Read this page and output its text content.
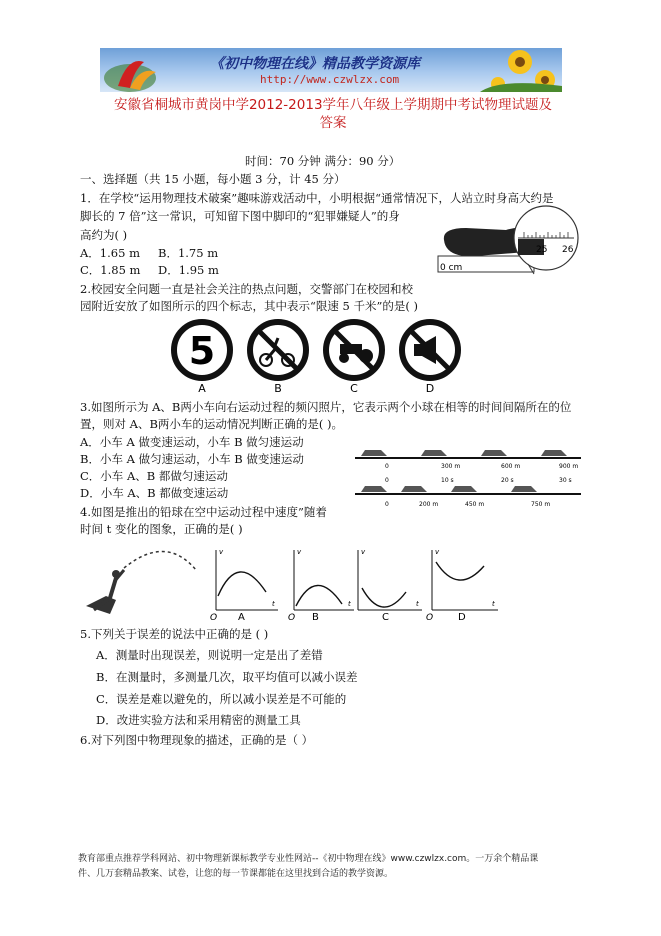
《初中物理在线》精品教学资源库
http://www.czwlzx.com
安徽省桐城市黄岗中学2012-2013学年八年级上学期期中考试物理试题及
答案
时间：70 分钟 满分：90 分）
一、选择题（共 15 小题，每小题 3 分，计 45 分）
1．在学校“运用物理技术破案”趣味游戏活动中，小明根据“通常情况下，人站立时身高大约是
脚长的 7 倍”这一常识，可知留下图中脚印的“犯罪嫌疑人”的身
高约为( )
A．1.65 m B．1.75 m
C．1.85 m D．1.95 m	0 cm
25 26
2.校园安全问题一直是社会关注的热点问题，交警部门在校园和校
园附近安放了如图所示的四个标志，其中表示“限速 5 千米”的是( )
5
A	B	C	D
3.如图所示为 A、B两小车向右运动过程的频闪照片，它表示两个小球在相等的时间间隔所在的位
置，则对 A、B两小车的运动情况判断正确的是( )。
A．小车 A 做变速运动，小车 B 做匀速运动
B．小车 A 做匀速运动，小车 B 做变速运动
C．小车 A、B 都做匀速运动
D．小车 A、B 都做变速运动
0	300 m	600 m	900 m
0	10 s	20 s	30 s
0	200 m	450 m	750 m
4.如图是推出的铅球在空中运动过程中速度”随着
时间 t 变化的图象，正确的是( )
O
v
t
A	O
v
t
B
v
t
C	O
v
t
D
5.下列关于误差的说法中正确的是 ( )
A．测量时出现误差，则说明一定是出了差错
B．在测量时，多测量几次，取平均值可以减小误差
C．误差是难以避免的，所以减小误差是不可能的
D．改进实验方法和采用精密的测量工具
6.对下列图中物理现象的描述，正确的是（ ）
教育部重点推荐学科网站、初中物理新课标教学专业性网站--《初中物理在线》www.czwlzx.com。一万余个精品课
件、几万套精品教案、试卷，让您的每一节课都能在这里找到合适的教学资源。
